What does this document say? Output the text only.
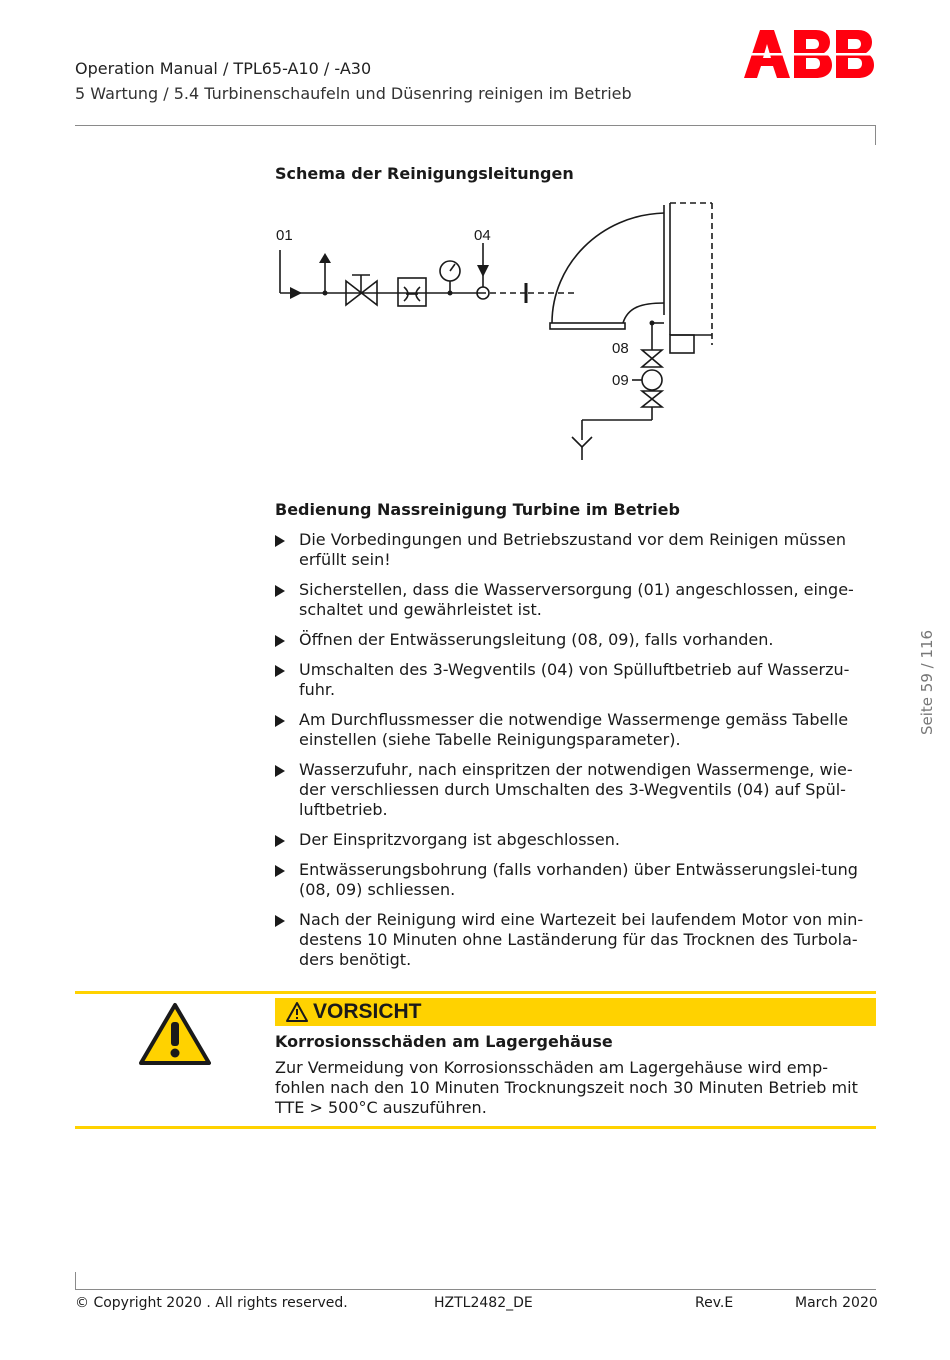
Operation Manual / TPL65-A10 / -A30
5 Wartung / 5.4 Turbinenschaufeln und Düsenring reinigen im Betrieb
Schema der Reinigungsleitungen
01	04
08
09
Bedienung Nassreinigung Turbine im Betrieb
Die Vorbedingungen und Betriebszustand vor dem Reinigen müssen erfüllt sein!
Sicherstellen, dass die Wasserversorgung (01) angeschlossen, einge-schaltet und gewährleistet ist.
Öffnen der Entwässerungsleitung (08, 09), falls vorhanden.
Umschalten des 3-Wegventils (04) von Spülluftbetrieb auf Wasserzu-fuhr.
Am Durchflussmesser die notwendige Wassermenge gemäss Tabelle einstellen (siehe Tabelle Reinigungsparameter).
Wasserzufuhr, nach einspritzen der notwendigen Wassermenge, wie-der verschliessen durch Umschalten des 3-Wegventils (04) auf Spül-luftbetrieb.
Der Einspritzvorgang ist abgeschlossen.
Entwässerungsbohrung (falls vorhanden) über Entwässerungslei-tung (08, 09) schliessen.
Nach der Reinigung wird eine Wartezeit bei laufendem Motor von min-destens 10 Minuten ohne Laständerung für das Trocknen des Turbola-ders benötigt.
VORSICHT
Korrosionsschäden am Lagergehäuse
Zur Vermeidung von Korrosionsschäden am Lagergehäuse wird emp-fohlen nach den 10 Minuten Trocknungszeit noch 30 Minuten Betrieb mit TTE > 500°C auszuführen.
Seite 59 / 116
© Copyright 2020 . All rights reserved.	HZTL2482_DE	Rev.E	March 2020
